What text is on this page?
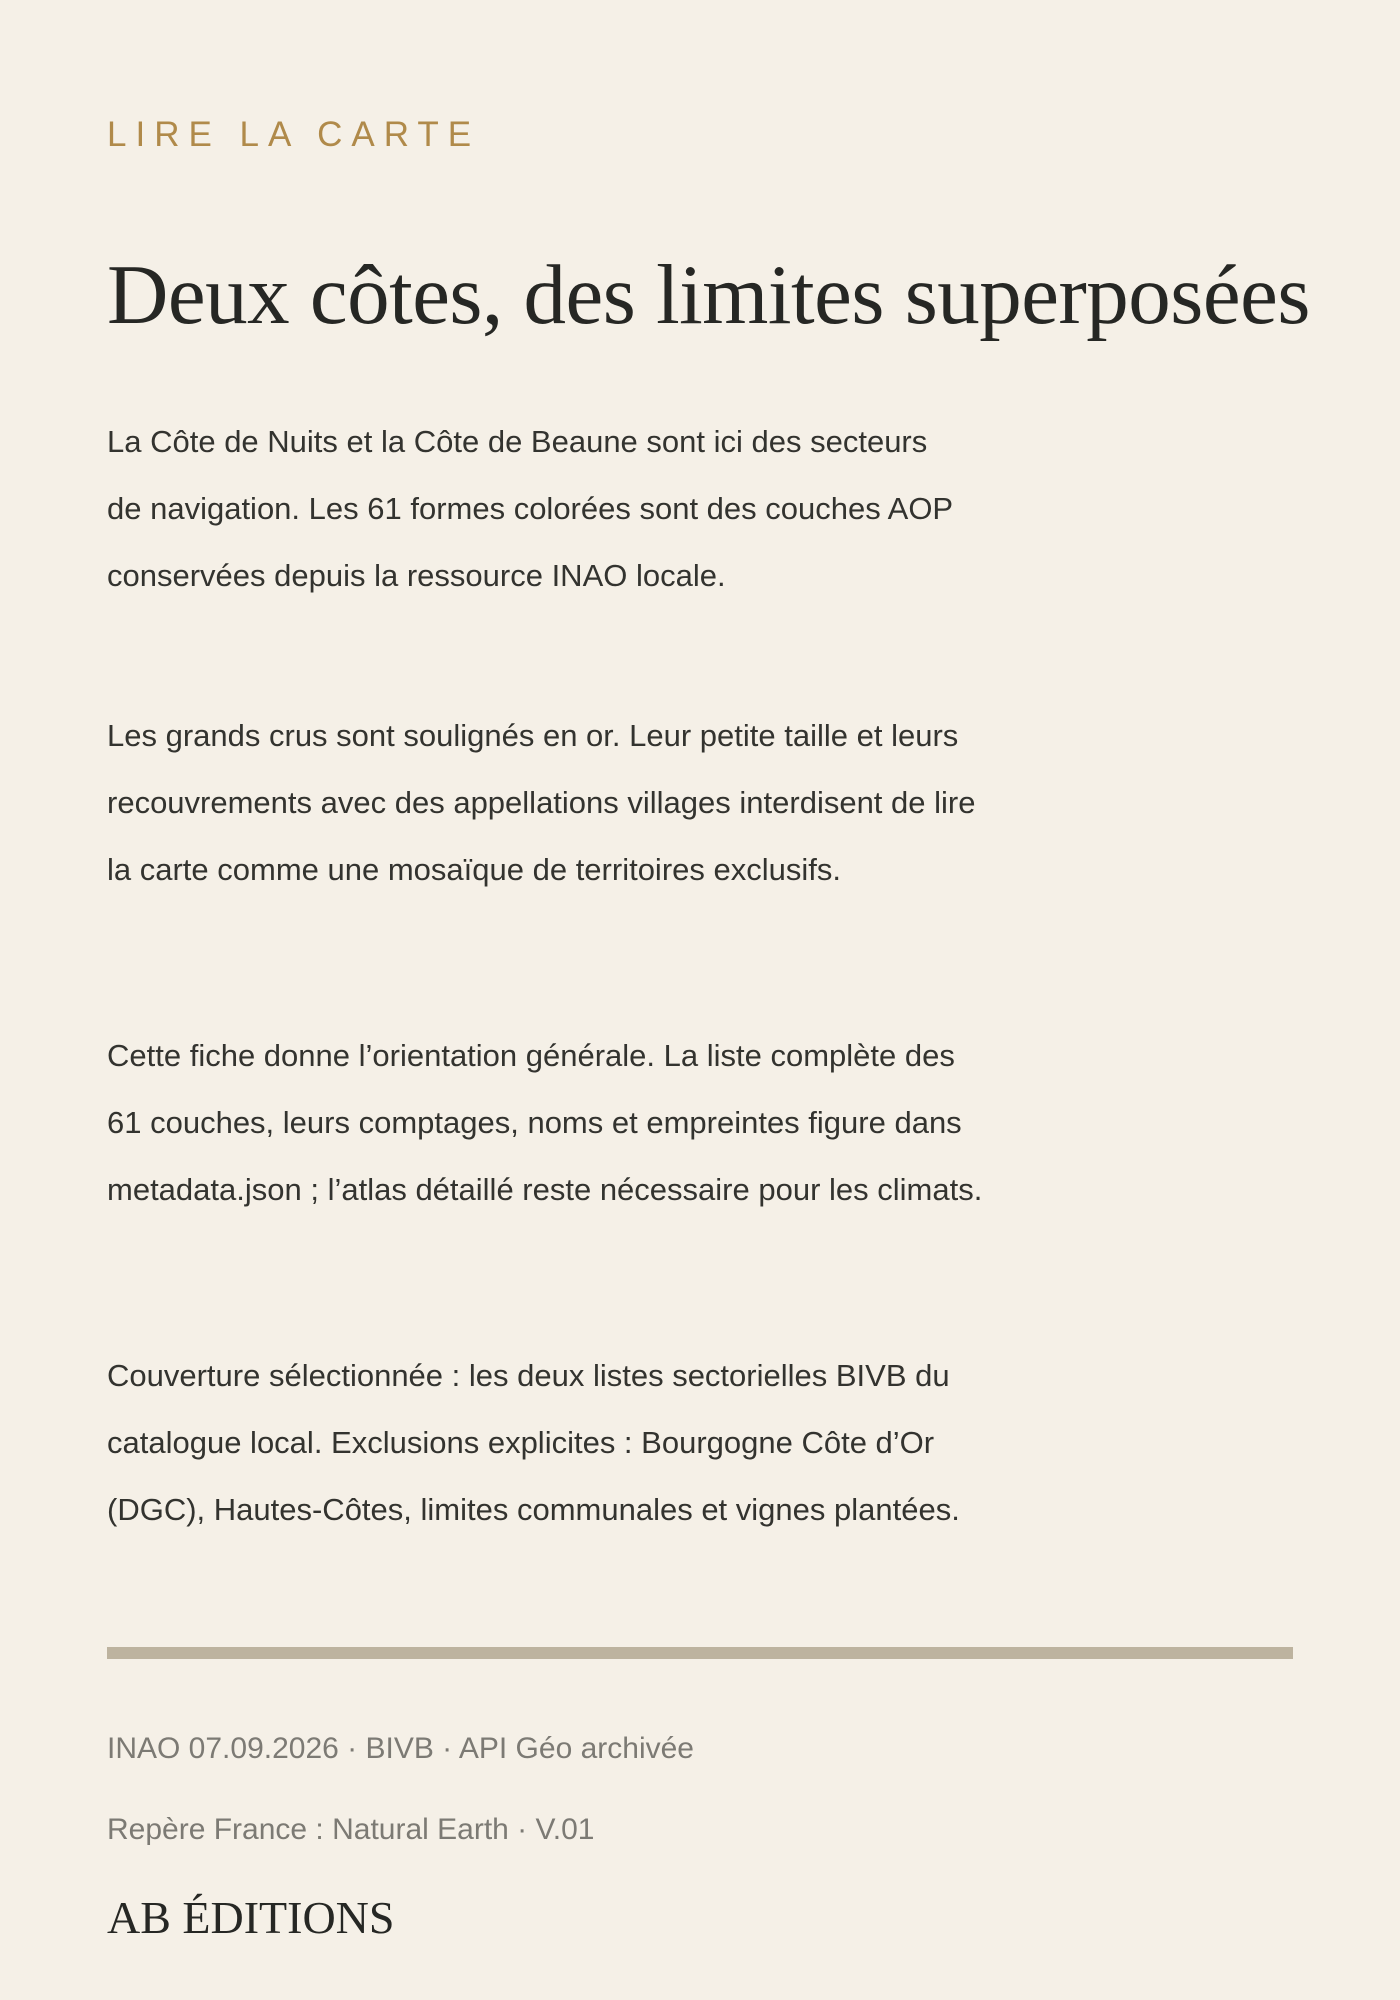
LIRE LA CARTE
Deux côtes, des limites superposées

La Côte de Nuits et la Côte de Beaune sont ici des secteurs
de navigation. Les 61 formes colorées sont des couches AOP
conservées depuis la ressource INAO locale.

Les grands crus sont soulignés en or. Leur petite taille et leurs
recouvrements avec des appellations villages interdisent de lire
la carte comme une mosaïque de territoires exclusifs.

Cette fiche donne l’orientation générale. La liste complète des
61 couches, leurs comptages, noms et empreintes figure dans
metadata.json ; l’atlas détaillé reste nécessaire pour les climats.

Couverture sélectionnée : les deux listes sectorielles BIVB du
catalogue local. Exclusions explicites : Bourgogne Côte d’Or
(DGC), Hautes-Côtes, limites communales et vignes plantées.

INAO 07.09.2026 · BIVB · API Géo archivée

Repère France : Natural Earth · V.01

AB ÉDITIONS
